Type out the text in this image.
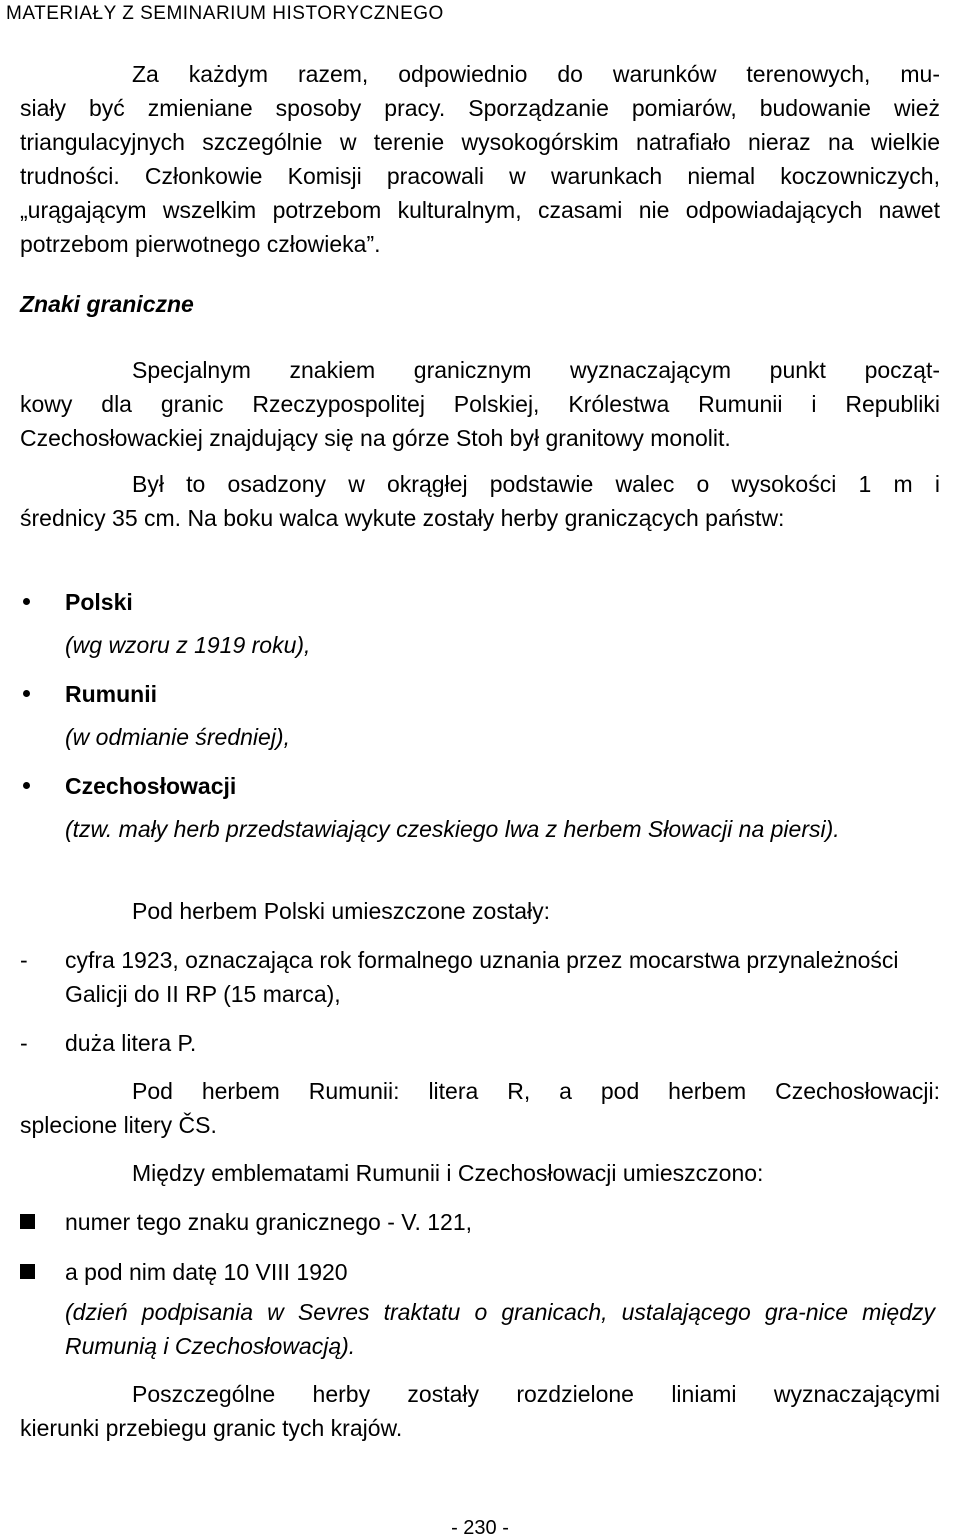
MATERIAŁY Z SEMINARIUM HISTORYCZNEGO

Za każdym razem, odpowiednio do warunków terenowych, mu-

siały być zmieniane sposoby pracy. Sporządzanie pomiarów, budowanie wież triangulacyjnych szczególnie w terenie wysokogórskim natrafiało nieraz na wielkie trudności. Członkowie Komisji pracowali w warunkach niemal koczowniczych, „urągającym wszelkim potrzebom kulturalnym, czasami nie odpowiadających nawet potrzebom pierwotnego człowieka”.

Znaki graniczne

Specjalnym znakiem granicznym wyznaczającym punkt począt-

kowy dla granic Rzeczypospolitej Polskiej, Królestwa Rumunii i Republiki Czechosłowackiej znajdujący się na górze Stoh był granitowy monolit.

Był to osadzony w okrągłej podstawie walec o wysokości 1 m i

średnicy 35 cm. Na boku walca wykute zostały herby graniczących państw:

Polski
(wg wzoru z 1919 roku),
Rumunii
(w odmianie średniej),
Czechosłowacji
(tzw. mały herb przedstawiający czeskiego lwa z herbem Słowacji na piersi).

Pod herbem Polski umieszczone zostały:

-	cyfra 1923, oznaczająca rok formalnego uznania przez mocarstwa przynależności Galicji do II RP (15 marca),
-	duża litera P.

Pod herbem Rumunii: litera R, a pod herbem Czechosłowacji:

splecione litery ČS.

Między emblematami Rumunii i Czechosłowacji umieszczono:

numer tego znaku granicznego - V. 121,
a pod nim datę 10 VIII 1920
(dzień podpisania w Sevres traktatu o granicach, ustalającego gra-nice między Rumunią i Czechosłowacją).

Poszczególne herby zostały rozdzielone liniami wyznaczającymi

kierunki przebiegu granic tych krajów.

- 230 -
